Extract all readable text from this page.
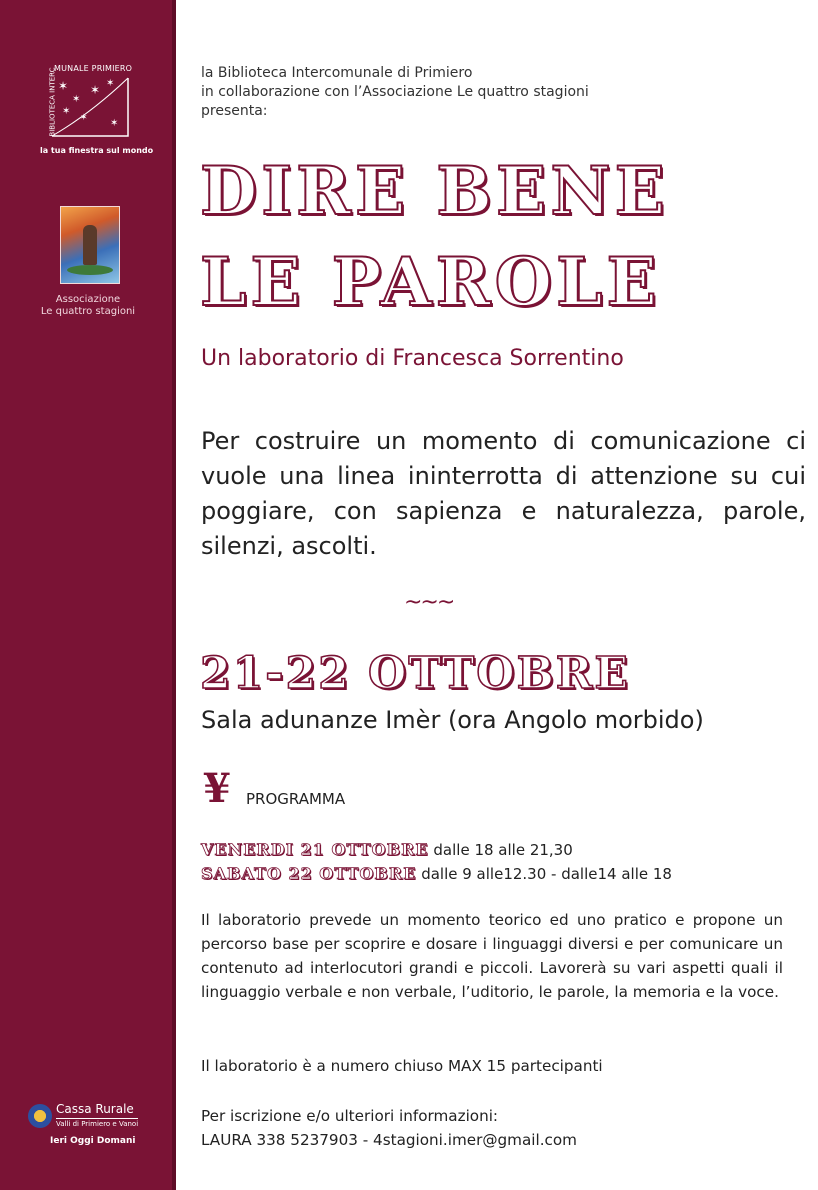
MUNALE PRIMIERO
BIBLIOTECA INTERC ✶
✶
✶ ✶
✶
✶ ✶
la tua finestra sul mondo
Associazione
Le quattro stagioni
Cassa Rurale
Valli di Primiero e Vanoi
Ieri Oggi Domani
la Biblioteca Intercomunale di Primiero
in collaborazione con l’Associazione Le quattro stagioni
presenta:
DIRE BENE
LE PAROLE
Un laboratorio di Francesca Sorrentino
Per costruire un momento di comunicazione ci vuole una linea ininterrotta di attenzione su cui poggiare, con sapienza e naturalezza, parole, silenzi, ascolti.
~~~
21-22 OTTOBRE
Sala adunanze Imèr (ora Angolo morbido)
¥ PROGRAMMA
VENERDI 21 OTTOBRE dalle 18 alle 21,30
SABATO 22 OTTOBRE dalle 9 alle12.30 - dalle14 alle 18
Il laboratorio prevede un momento teorico ed uno pratico e propone un percorso base per scoprire e dosare i linguaggi diversi e per comunicare un contenuto ad interlocutori grandi e piccoli. Lavorerà su vari aspetti quali il linguaggio verbale e non verbale, l’uditorio, le parole, la memoria e la voce.
Il laboratorio è a numero chiuso MAX 15 partecipanti
Per iscrizione e/o ulteriori informazioni:
LAURA 338 5237903 - 4stagioni.imer@gmail.com
